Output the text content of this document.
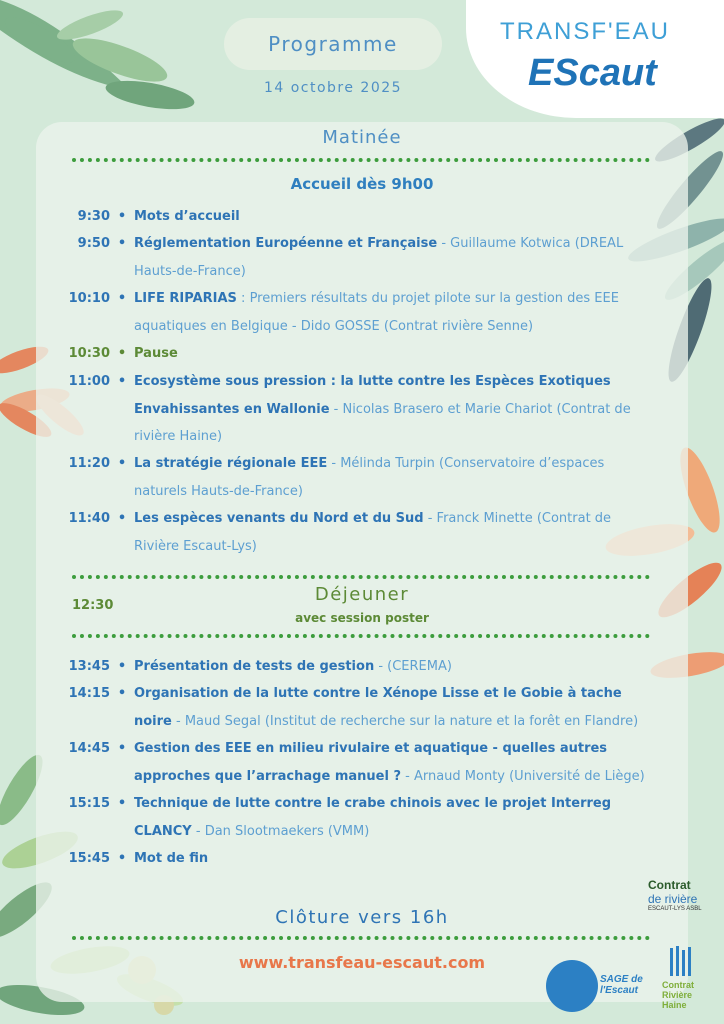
Programme
14 octobre 2025
TRANSF'EAU
EScaut
Matinée
Accueil dès 9h00
9:30 • Mots d’accueil
9:50 • Réglementation Européenne et Française - Guillaume Kotwica (DREAL Hauts-de-France)
10:10 • LIFE RIPARIAS : Premiers résultats du projet pilote sur la gestion des EEE aquatiques en Belgique - Dido GOSSE (Contrat rivière Senne)
10:30 • Pause
11:00 • Ecosystème sous pression : la lutte contre les Espèces Exotiques Envahissantes en Wallonie - Nicolas Brasero et Marie Chariot (Contrat de rivière Haine)
11:20 • La stratégie régionale EEE - Mélinda Turpin (Conservatoire d’espaces naturels Hauts-de-France)
11:40 • Les espèces venants du Nord et du Sud - Franck Minette (Contrat de Rivière Escaut-Lys)
12:30
Déjeuner
avec session poster
13:45 • Présentation de tests de gestion - (CEREMA)
14:15 • Organisation de la lutte contre le Xénope Lisse et le Gobie à tache noire - Maud Segal (Institut de recherche sur la nature et la forêt en Flandre)
14:45 • Gestion des EEE en milieu rivulaire et aquatique - quelles autres approches que l’arrachage manuel ? - Arnaud Monty (Université de Liège)
15:15 • Technique de lutte contre le crabe chinois avec le projet Interreg CLANCY - Dan Slootmaekers (VMM)
15:45 • Mot de fin
Clôture vers 16h
www.transfeau-escaut.com
Contrat
de rivière
ESCAUT-LYS ASBL
SAGE de l'Escaut	Contrat Rivière Haine
